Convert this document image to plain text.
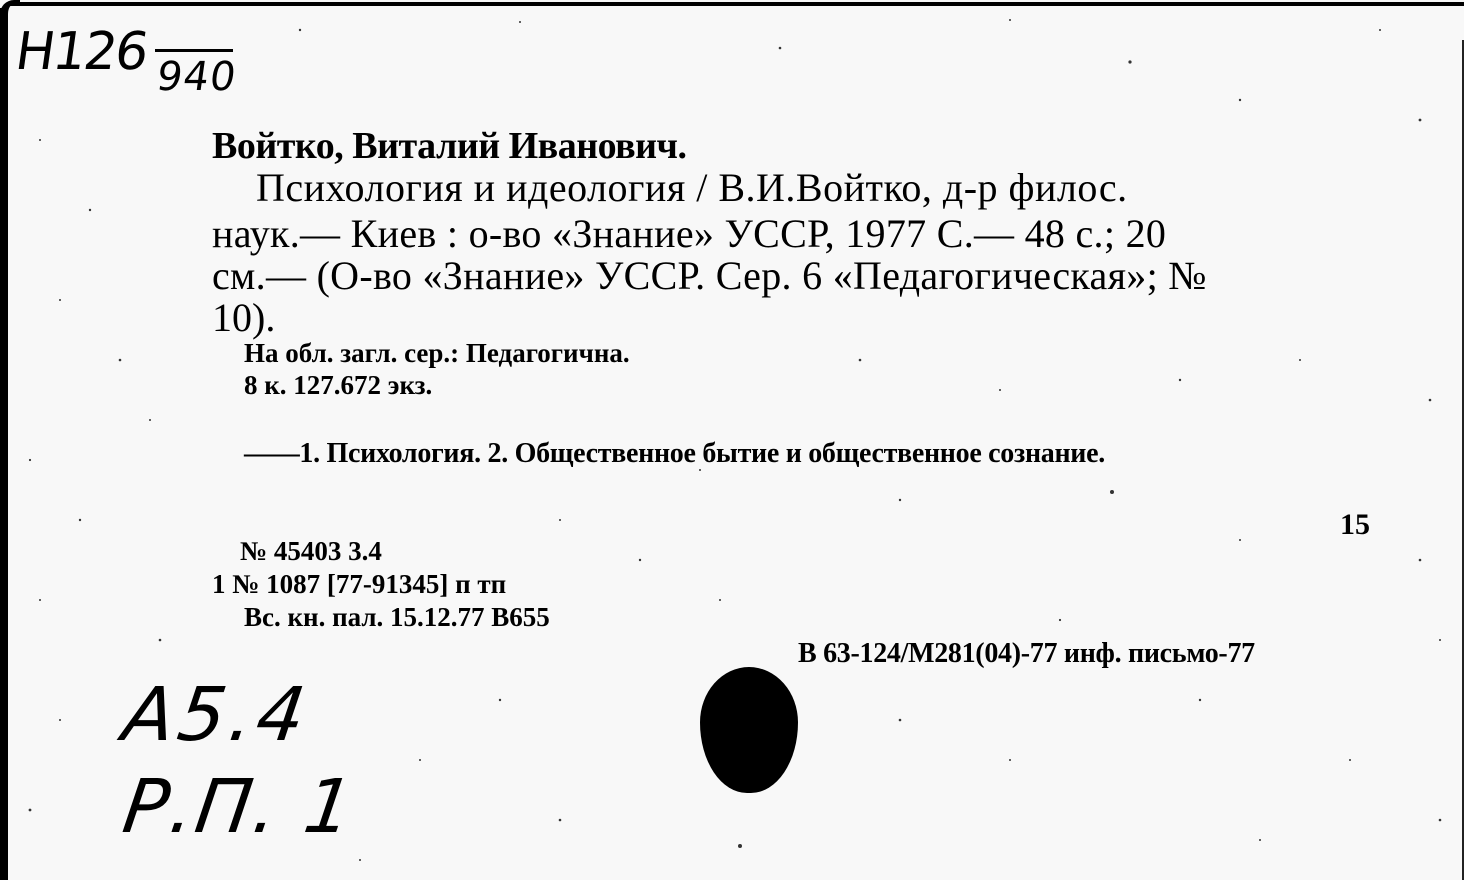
Н126 940
Войтко, Виталий Иванович.
Психология и идеология / В.И.Войтко, д-р филос.
наук.— Киев : о-во «Знание» УССР, 1977 С.— 48 с.; 20
см.— (О-во «Знание» УССР. Сер. 6 «Педагогическая»; №
10).
На обл. загл. сер.: Педагогична.
8 к. 127.672 экз.
——1. Психология. 2. Общественное бытие и общественное сознание.
15
№ 45403 3.4
1 № 1087 [77-91345] п тп
Вс. кн. пал. 15.12.77 В655
В 63-124/М281(04)-77 инф. письмо-77
А5.4
Р.П. 1
